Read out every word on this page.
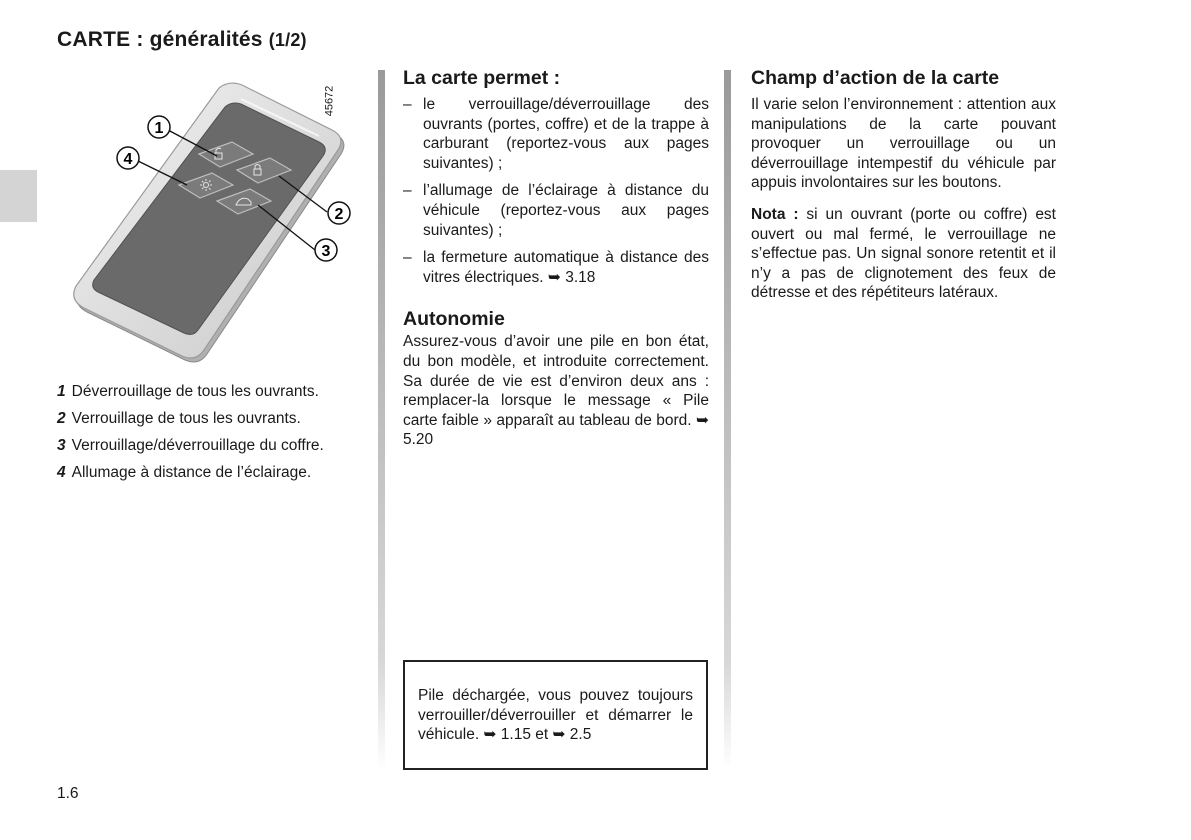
CARTE : généralités (1/2)
1
4
2
3
45672
1 Déverrouillage de tous les ouvrants.
2 Verrouillage de tous les ouvrants.
3 Verrouillage/déverrouillage du coffre.
4 Allumage à distance de l’éclairage.
La carte permet :
– le verrouillage/déverrouillage des ouvrants (portes, coffre) et de la trappe à carburant (reportez-vous aux pages suivantes) ;
– l’allumage de l’éclairage à distance du véhicule (reportez-vous aux pages suivantes) ;
– la fermeture automatique à distance des vitres électriques. ➥ 3.18
Autonomie

Assurez-vous d’avoir une pile en bon état, du bon modèle, et introduite correctement. Sa durée de vie est d’environ deux ans : remplacer-la lorsque le message « Pile carte faible » apparaît au tableau de bord. ➥ 5.20

Pile déchargée, vous pouvez toujours verrouiller/déverrouiller et démarrer le véhicule. ➥ 1.15 et ➥ 2.5
Champ d’action de la carte

Il varie selon l’environnement : attention aux manipulations de la carte pouvant provoquer un verrouillage ou un déverrouillage intempestif du véhicule par appuis involontaires sur les boutons.

Nota : si un ouvrant (porte ou coffre) est ouvert ou mal fermé, le verrouillage ne s’effectue pas. Un signal sonore retentit et il n’y a pas de clignotement des feux de détresse et des répétiteurs latéraux.

1.6
